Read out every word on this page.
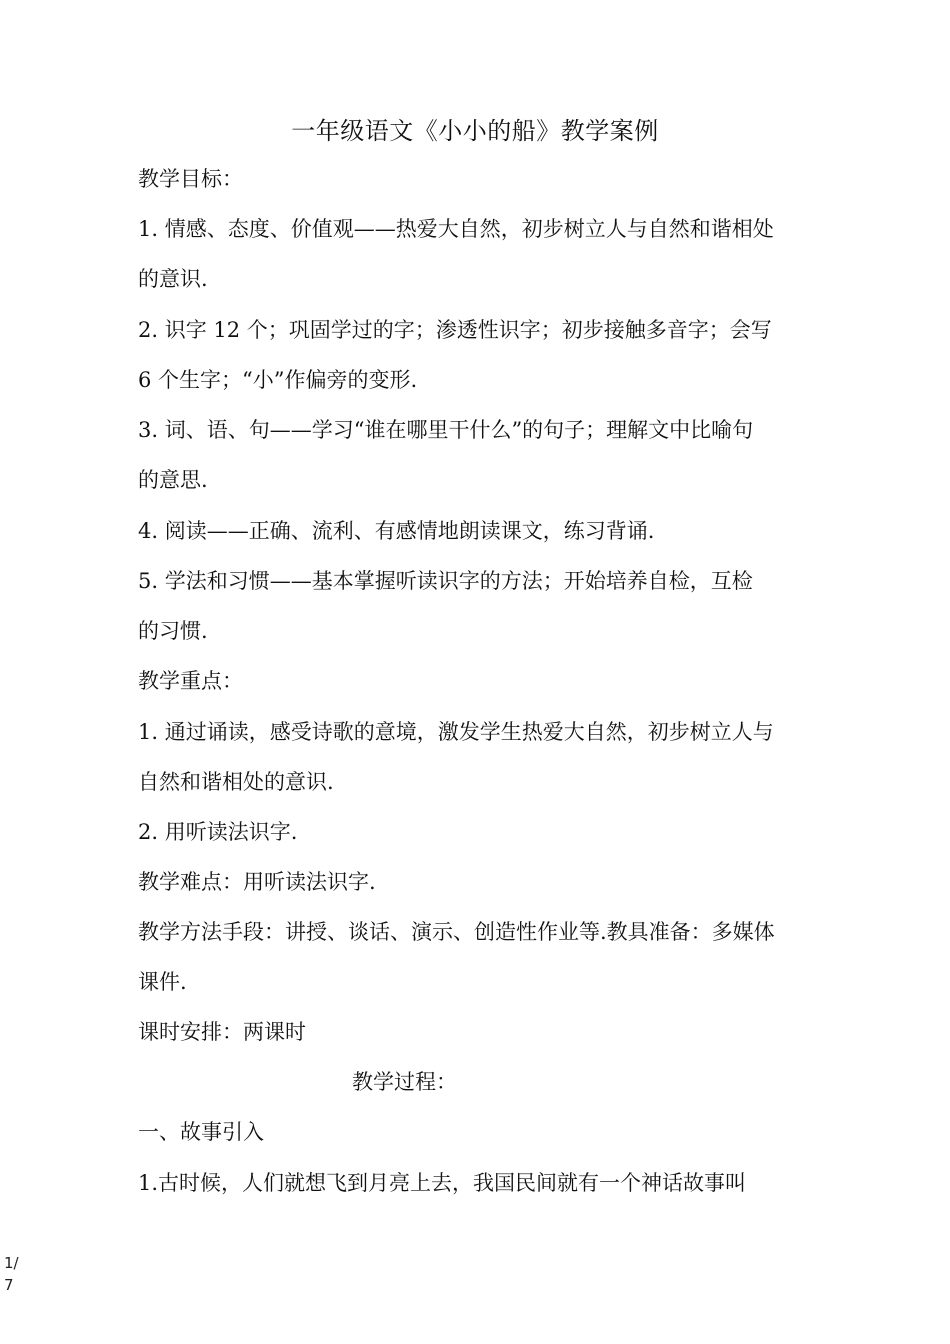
一年级语文《小小的船》教学案例
教学目标：
1. 情感、态度、价值观——热爱大自然，初步树立人与自然和谐相处
的意识.
2. 识字 12 个；巩固学过的字；渗透性识字；初步接触多音字；会写
6 个生字；“小”作偏旁的变形.
3. 词、语、句——学习“谁在哪里干什么”的句子；理解文中比喻句
的意思.
4. 阅读——正确、流利、有感情地朗读课文，练习背诵.
5. 学法和习惯——基本掌握听读识字的方法；开始培养自检，互检
的习惯.
教学重点：
1. 通过诵读，感受诗歌的意境，激发学生热爱大自然，初步树立人与
自然和谐相处的意识.
2. 用听读法识字.
教学难点：用听读法识字.
教学方法手段：讲授、谈话、演示、创造性作业等.教具准备：多媒体
课件.
课时安排：两课时
教学过程：
一、故事引入
1.古时候，人们就想飞到月亮上去，我国民间就有一个神话故事叫
1/
7
